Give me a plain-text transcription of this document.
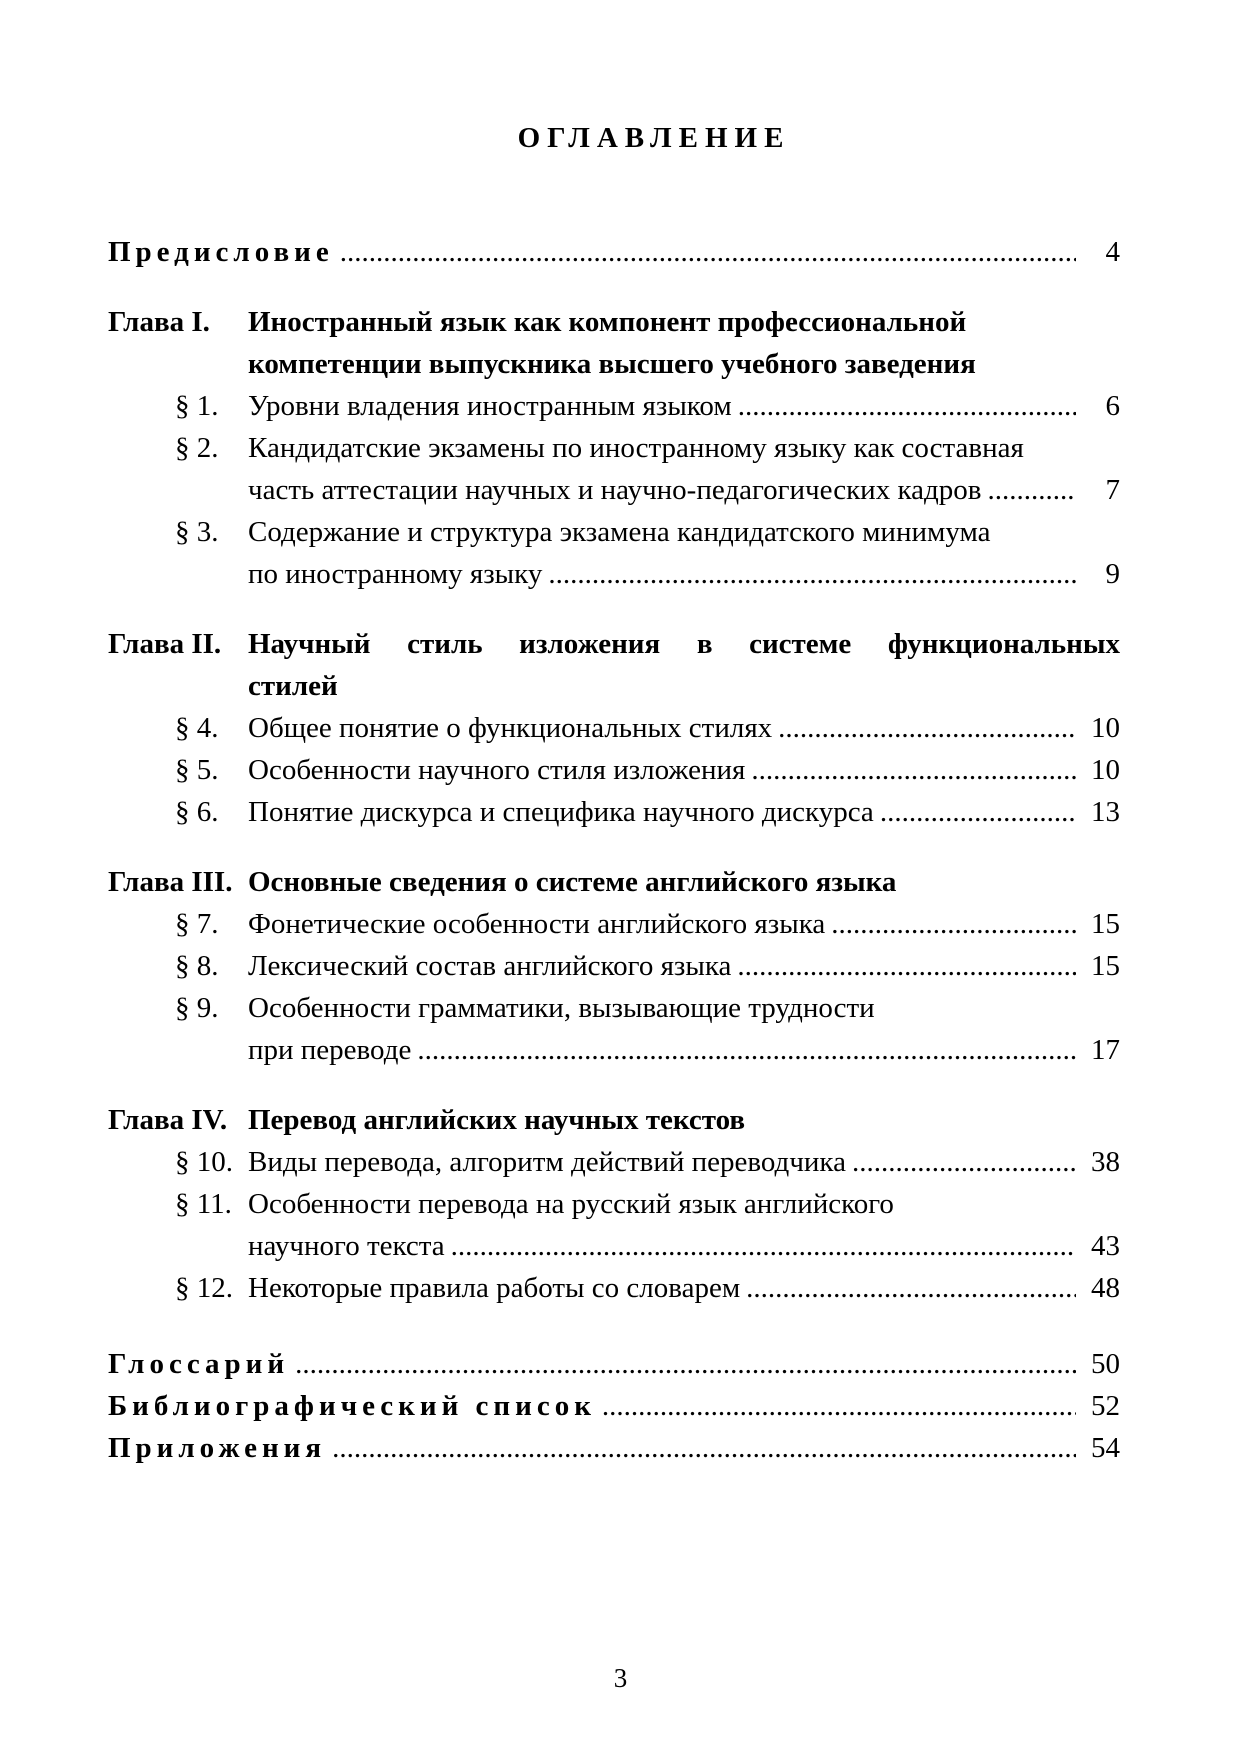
ОГЛАВЛЕНИЕ
Предисловие .....	4
Глава I.	Иностранный язык как компонент профессиональной
компетенции выпускника высшего учебного заведения
§ 1.	Уровни владения иностранным языком .....	6
§ 2.	Кандидатские экзамены по иностранному языку как составная
часть аттестации научных и научно-педагогических кадров .....	7
§ 3.	Содержание и структура экзамена кандидатского минимума
по иностранному языку .....	9
Глава II. Научный стиль изложения в системе функциональных
стилей
§ 4.	Общее понятие о функциональных стилях .....	10
§ 5.	Особенности научного стиля изложения .....	10
§ 6.	Понятие дискурса и специфика научного дискурса .....	13
Глава III. Основные сведения о системе английского языка
§ 7.	Фонетические особенности английского языка .....	15
§ 8.	Лексический состав английского языка .....	15
§ 9.	Особенности грамматики, вызывающие трудности
при переводе .....	17
Глава IV. Перевод английских научных текстов
§ 10. Виды перевода, алгоритм действий переводчика .....	38
§ 11. Особенности перевода на русский язык английского
научного текста .....	43
§ 12. Некоторые правила работы со словарем .....	48
Глоссарий .....	50
Библиографический список .....	52
Приложения .....	54
3
